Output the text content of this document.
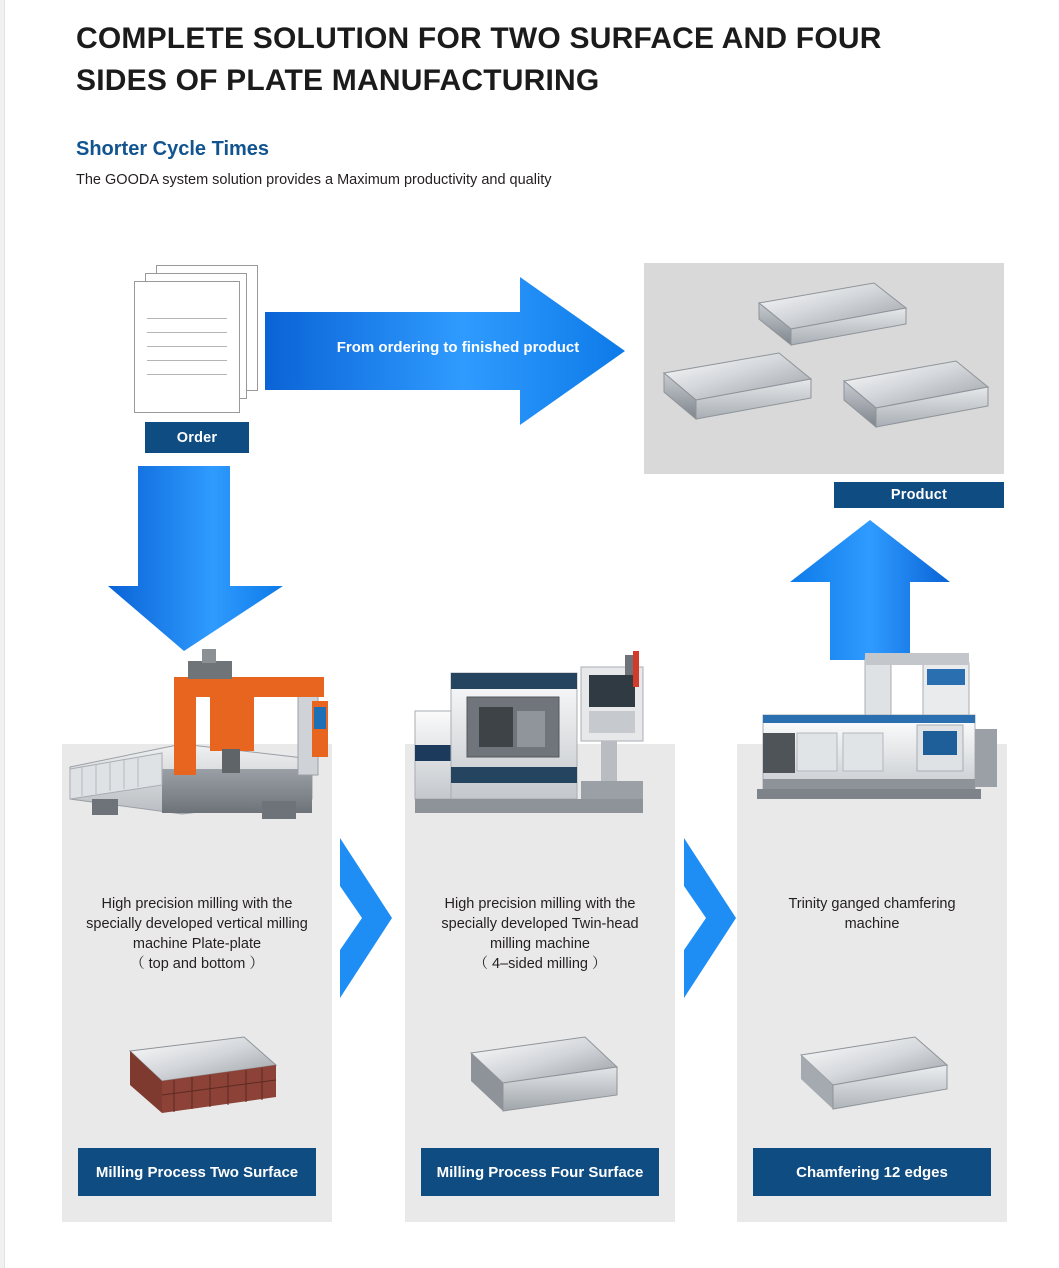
COMPLETE SOLUTION FOR TWO SURFACE AND FOUR SIDES OF PLATE MANUFACTURING
Shorter Cycle Times
The GOODA system solution provides a Maximum productivity and quality
Order
From ordering to finished product
Product
High precision milling with the
specially developed vertical milling
machine Plate-plate
（ top and bottom ）
Milling Process Two Surface
High precision milling with the
specially developed Twin-head
milling machine
（ 4–sided milling ）
Milling Process Four Surface
Trinity ganged chamfering
machine
Chamfering 12 edges
